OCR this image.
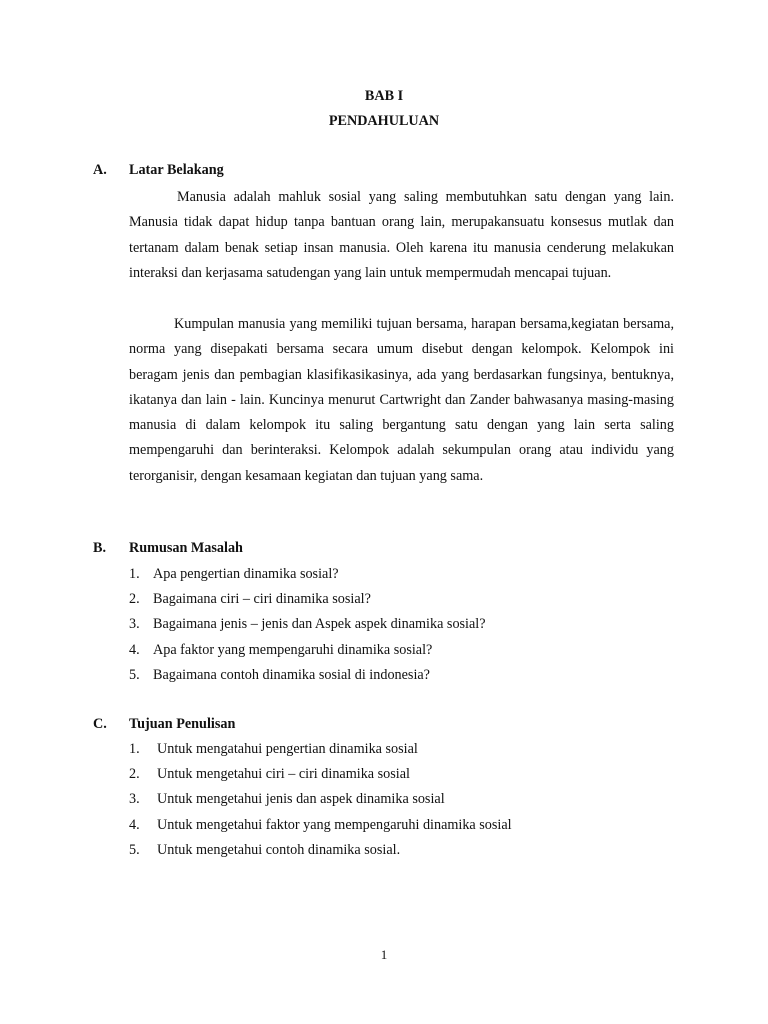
BAB I
PENDAHULUAN
A. Latar Belakang

Manusia adalah mahluk sosial yang saling membutuhkan satu dengan yang lain. Manusia tidak dapat hidup tanpa bantuan orang lain, merupakansuatu konsesus mutlak dan tertanam dalam benak setiap insan manusia. Oleh karena itu manusia cenderung melakukan interaksi dan kerjasama satudengan yang lain untuk mempermudah mencapai tujuan.

Kumpulan manusia yang memiliki tujuan bersama, harapan bersama,kegiatan bersama, norma yang disepakati bersama secara umum disebut dengan kelompok. Kelompok ini beragam jenis dan pembagian klasifikasikasinya, ada yang berdasarkan fungsinya, bentuknya, ikatanya dan lain - lain. Kuncinya menurut Cartwright dan Zander bahwasanya masing-masing manusia di dalam kelompok itu saling bergantung satu dengan yang lain serta saling mempengaruhi dan berinteraksi. Kelompok adalah sekumpulan orang atau individu yang terorganisir, dengan kesamaan kegiatan dan tujuan yang sama.

B. Rumusan Masalah
1. Apa pengertian dinamika sosial?
2. Bagaimana ciri – ciri dinamika sosial?
3. Bagaimana jenis – jenis dan Aspek aspek dinamika sosial?
4. Apa faktor yang mempengaruhi dinamika sosial?
5. Bagaimana contoh dinamika sosial di indonesia?
C. Tujuan Penulisan
1. Untuk mengatahui pengertian dinamika sosial
2. Untuk mengetahui ciri – ciri dinamika sosial
3. Untuk mengetahui jenis dan aspek dinamika sosial
4. Untuk mengetahui faktor yang mempengaruhi dinamika sosial
5. Untuk mengetahui contoh dinamika sosial.
1
